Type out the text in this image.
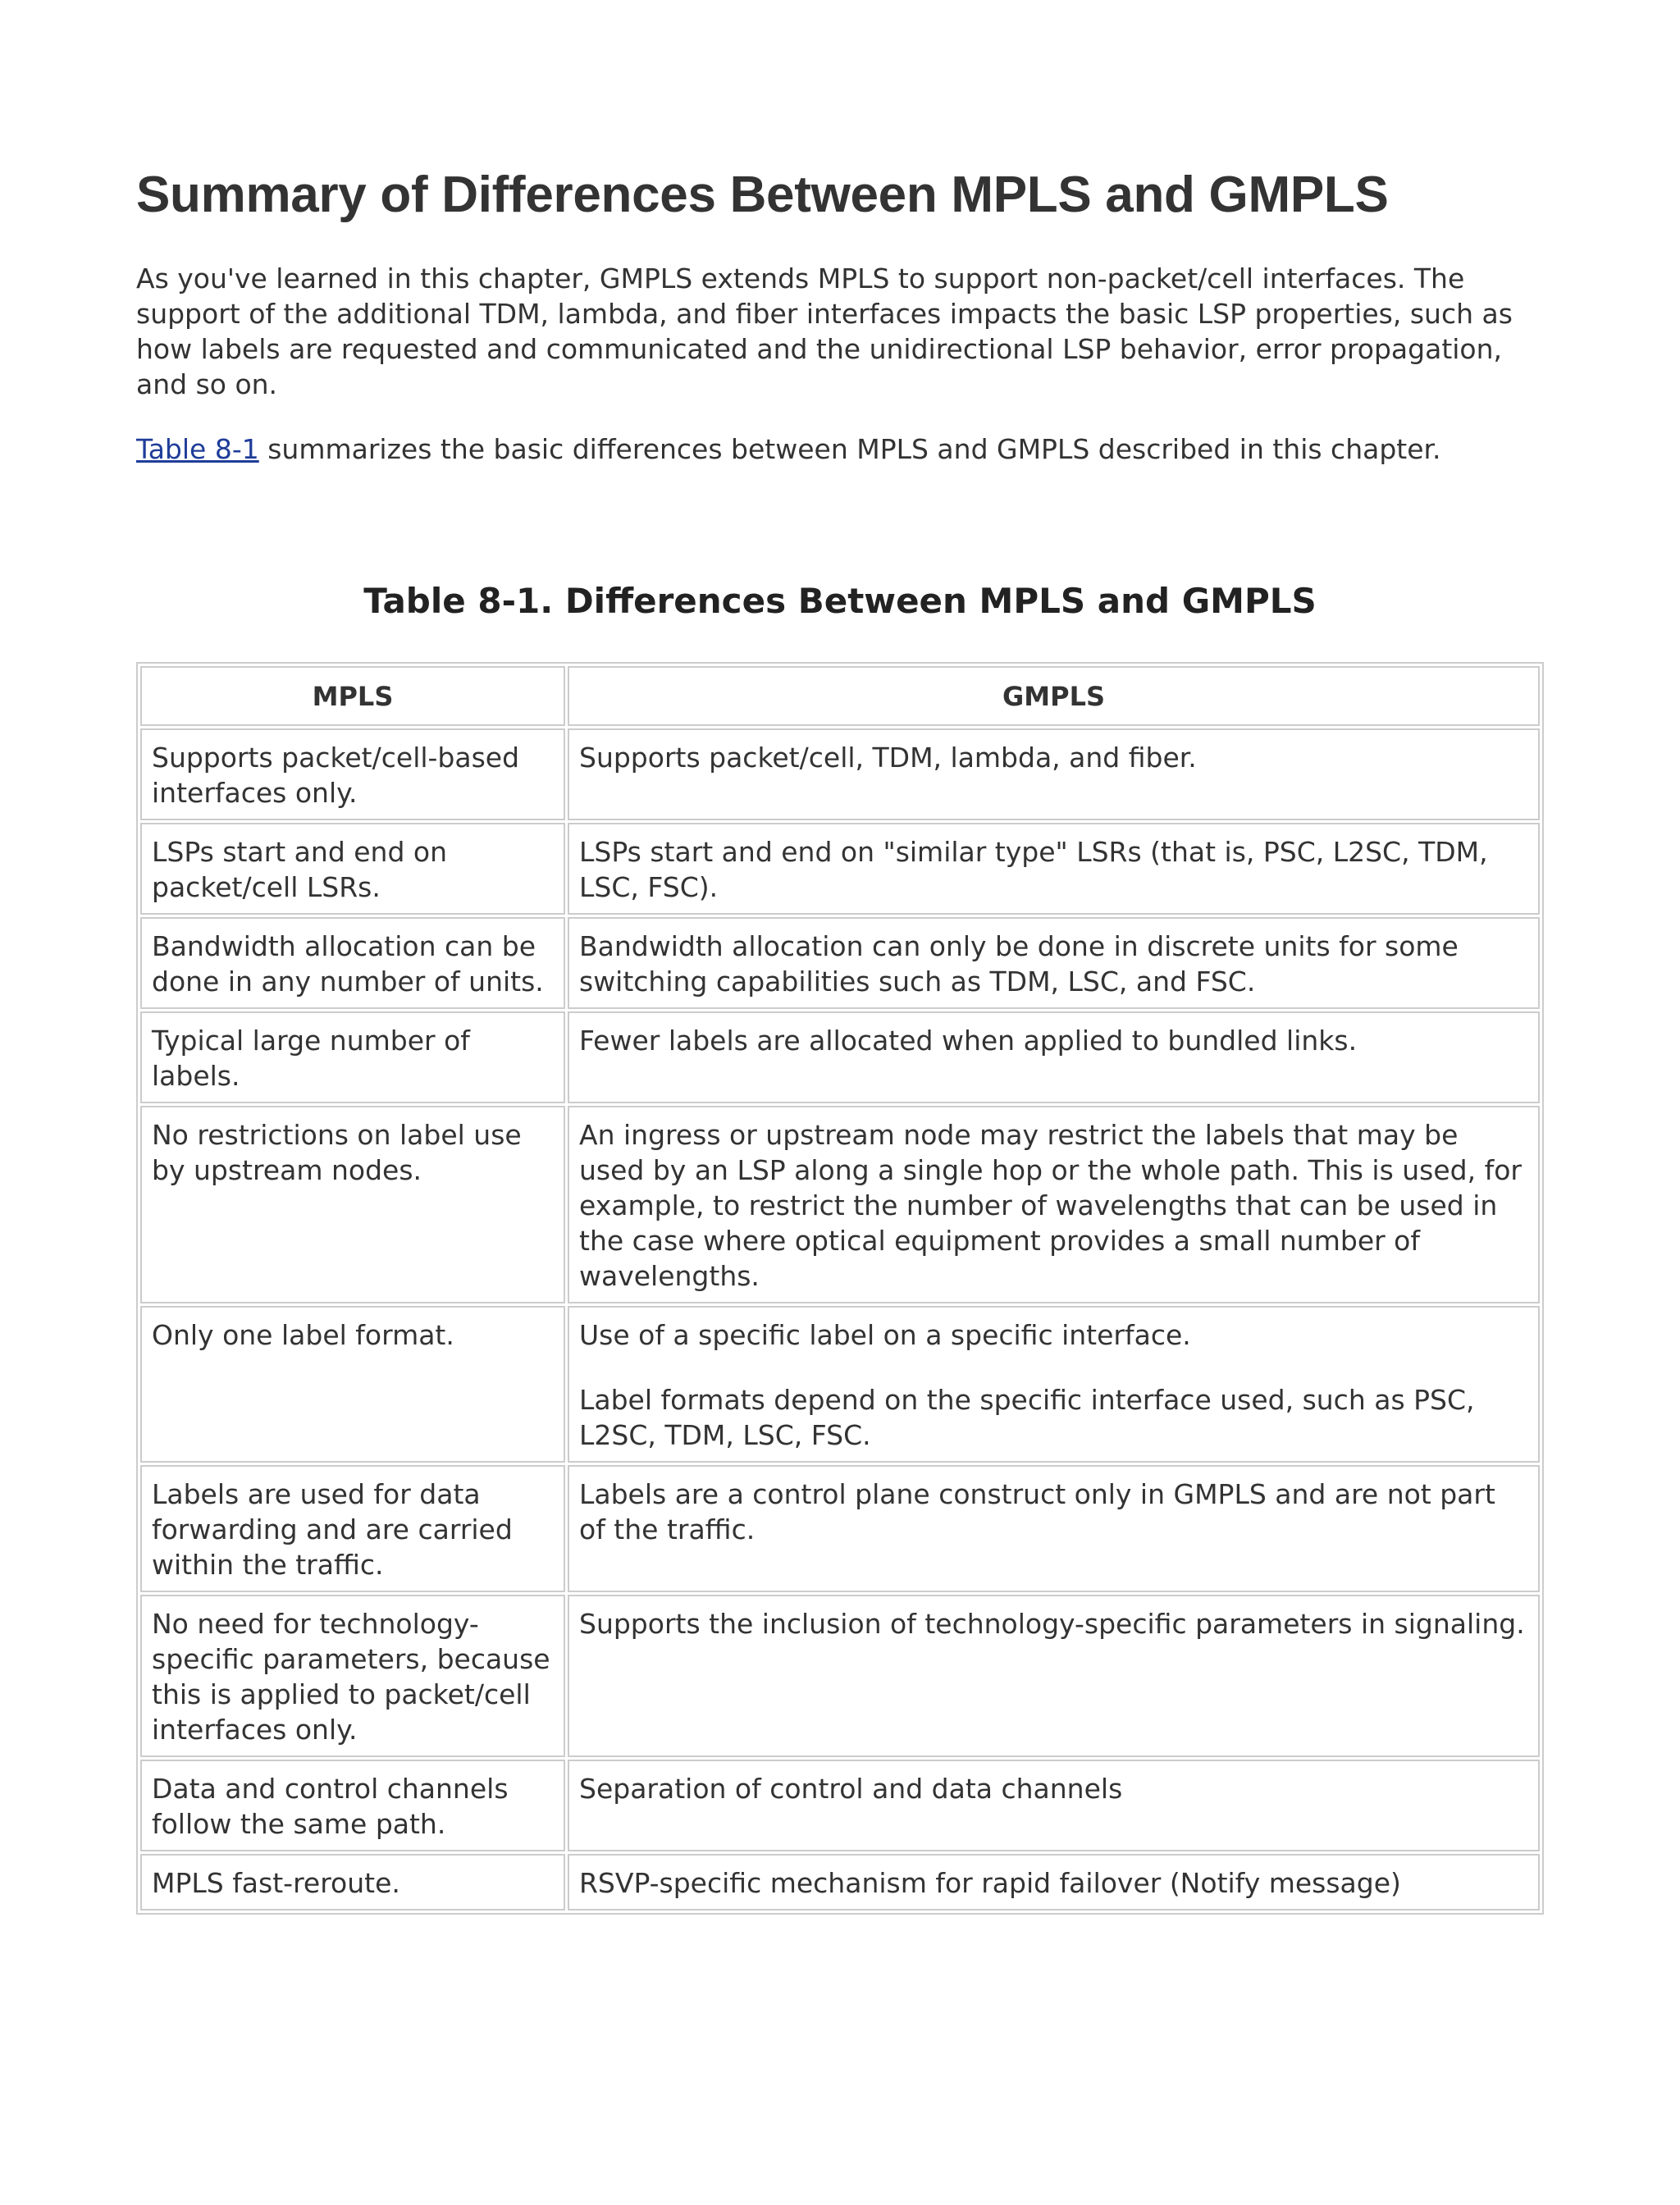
Summary of Differences Between MPLS and GMPLS

As you've learned in this chapter, GMPLS extends MPLS to support non-packet/cell interfaces. The support of the additional TDM, lambda, and fiber interfaces impacts the basic LSP properties, such as how labels are requested and communicated and the unidirectional LSP behavior, error propagation, and so on.

Table 8-1 summarizes the basic differences between MPLS and GMPLS described in this chapter.

Table 8-1. Differences Between MPLS and GMPLS
MPLS	GMPLS
Supports packet/cell-based interfaces only.	Supports packet/cell, TDM, lambda, and fiber.

LSPs start and end on packet/cell LSRs.	LSPs start and end on "similar type" LSRs (that is, PSC, L2SC, TDM, LSC, FSC).

Bandwidth allocation can be done in any number of units.	Bandwidth allocation can only be done in discrete units for some switching capabilities such as TDM, LSC, and FSC.

Typical large number of labels.	Fewer labels are allocated when applied to bundled links.

No restrictions on label use by upstream nodes.	An ingress or upstream node may restrict the labels that may be used by an LSP along a single hop or the whole path. This is used, for example, to restrict the number of wavelengths that can be used in the case where optical equipment provides a small number of wavelengths.

Only one label format.	Use of a specific label on a specific interface.

Label formats depend on the specific interface used, such as PSC, L2SC, TDM, LSC, FSC.

Labels are used for data forwarding and are carried within the traffic.	Labels are a control plane construct only in GMPLS and are not part of the traffic.

No need for technology-specific parameters, because this is applied to packet/cell interfaces only.	Supports the inclusion of technology-specific parameters in signaling.

Data and control channels follow the same path.	Separation of control and data channels

MPLS fast-reroute.	RSVP-specific mechanism for rapid failover (Notify message)
